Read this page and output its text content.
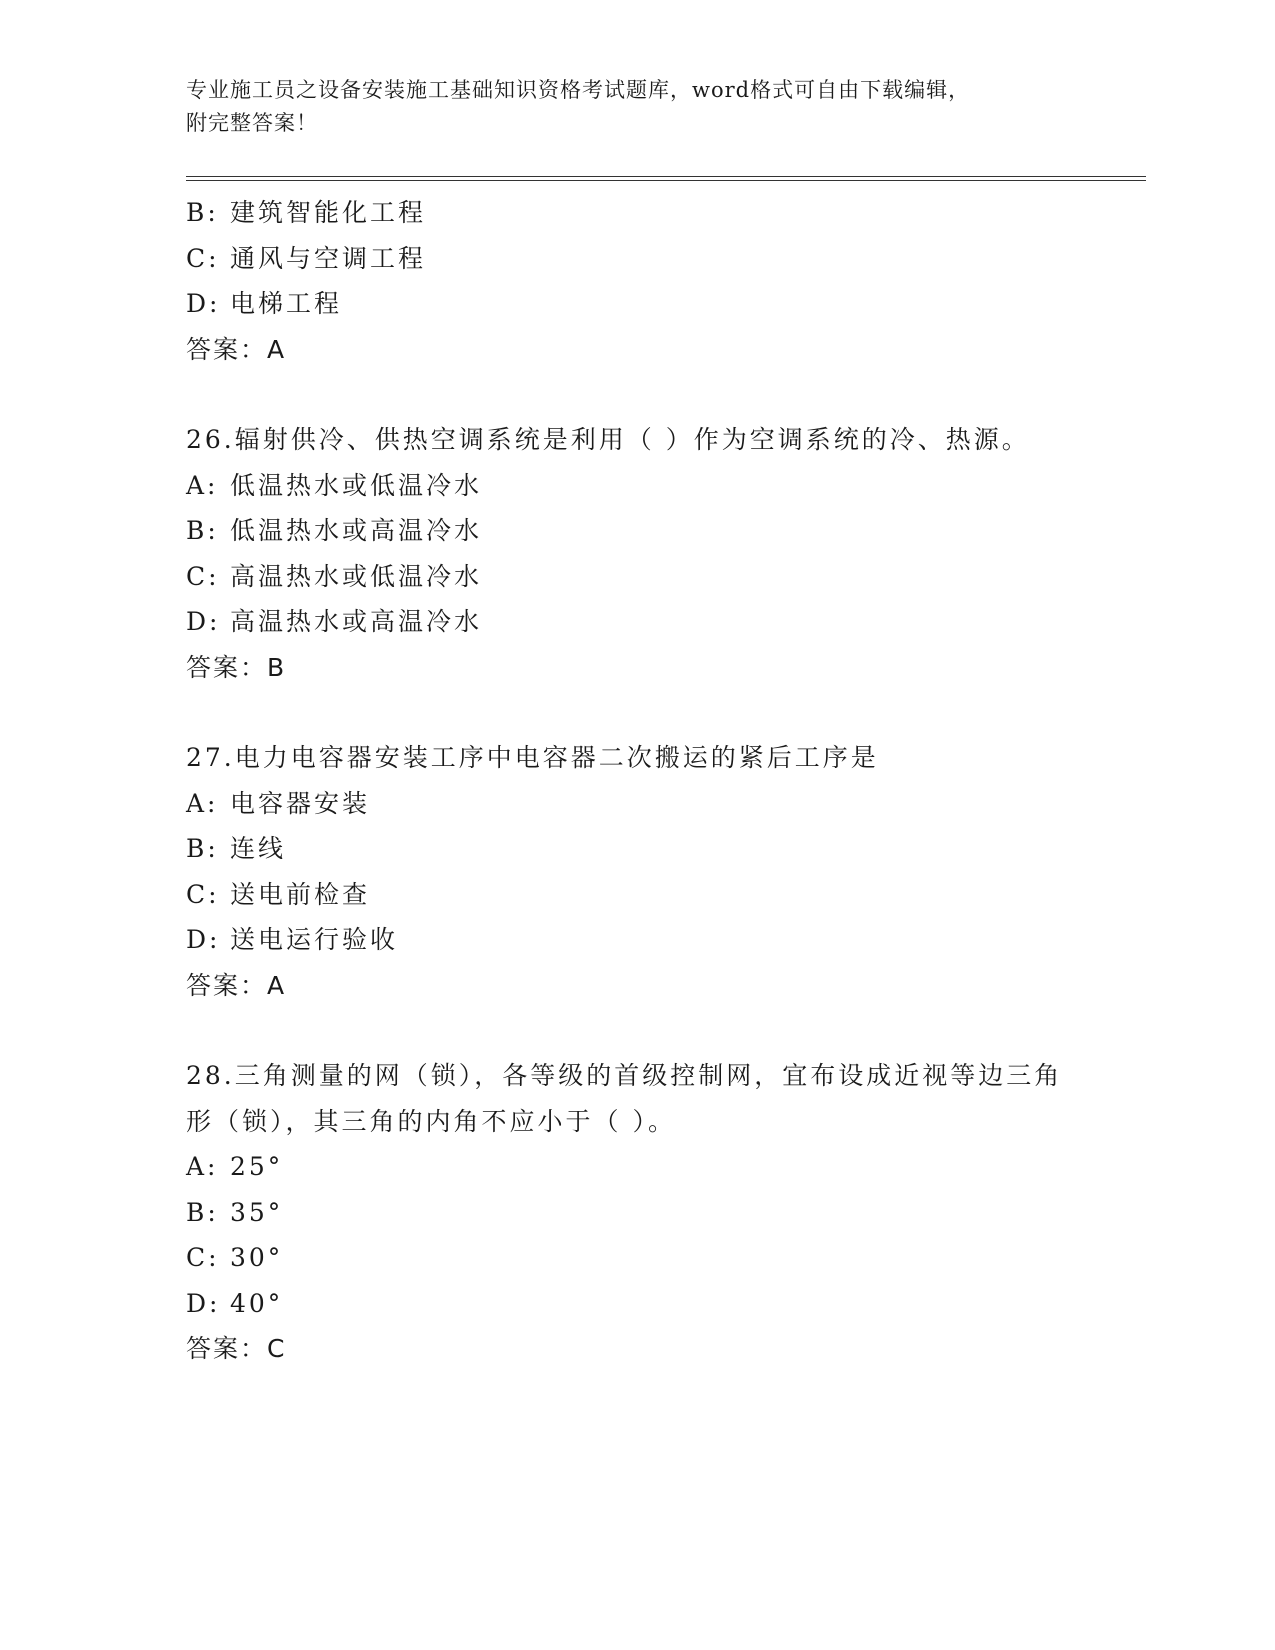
专业施工员之设备安装施工基础知识资格考试题库，word格式可自由下载编辑，
附完整答案！
B: 建筑智能化工程
C: 通风与空调工程
D: 电梯工程
答案：A
26.辐射供冷、供热空调系统是利用（ ）作为空调系统的冷、热源。
A: 低温热水或低温冷水
B: 低温热水或高温冷水
C: 高温热水或低温冷水
D: 高温热水或高温冷水
答案：B
27.电力电容器安装工序中电容器二次搬运的紧后工序是
A: 电容器安装
B: 连线
C: 送电前检查
D: 送电运行验收
答案：A
28.三角测量的网（锁），各等级的首级控制网，宜布设成近视等边三角形（锁），其三角的内角不应小于（ ）。
A: 25°
B: 35°
C: 30°
D: 40°
答案：C
